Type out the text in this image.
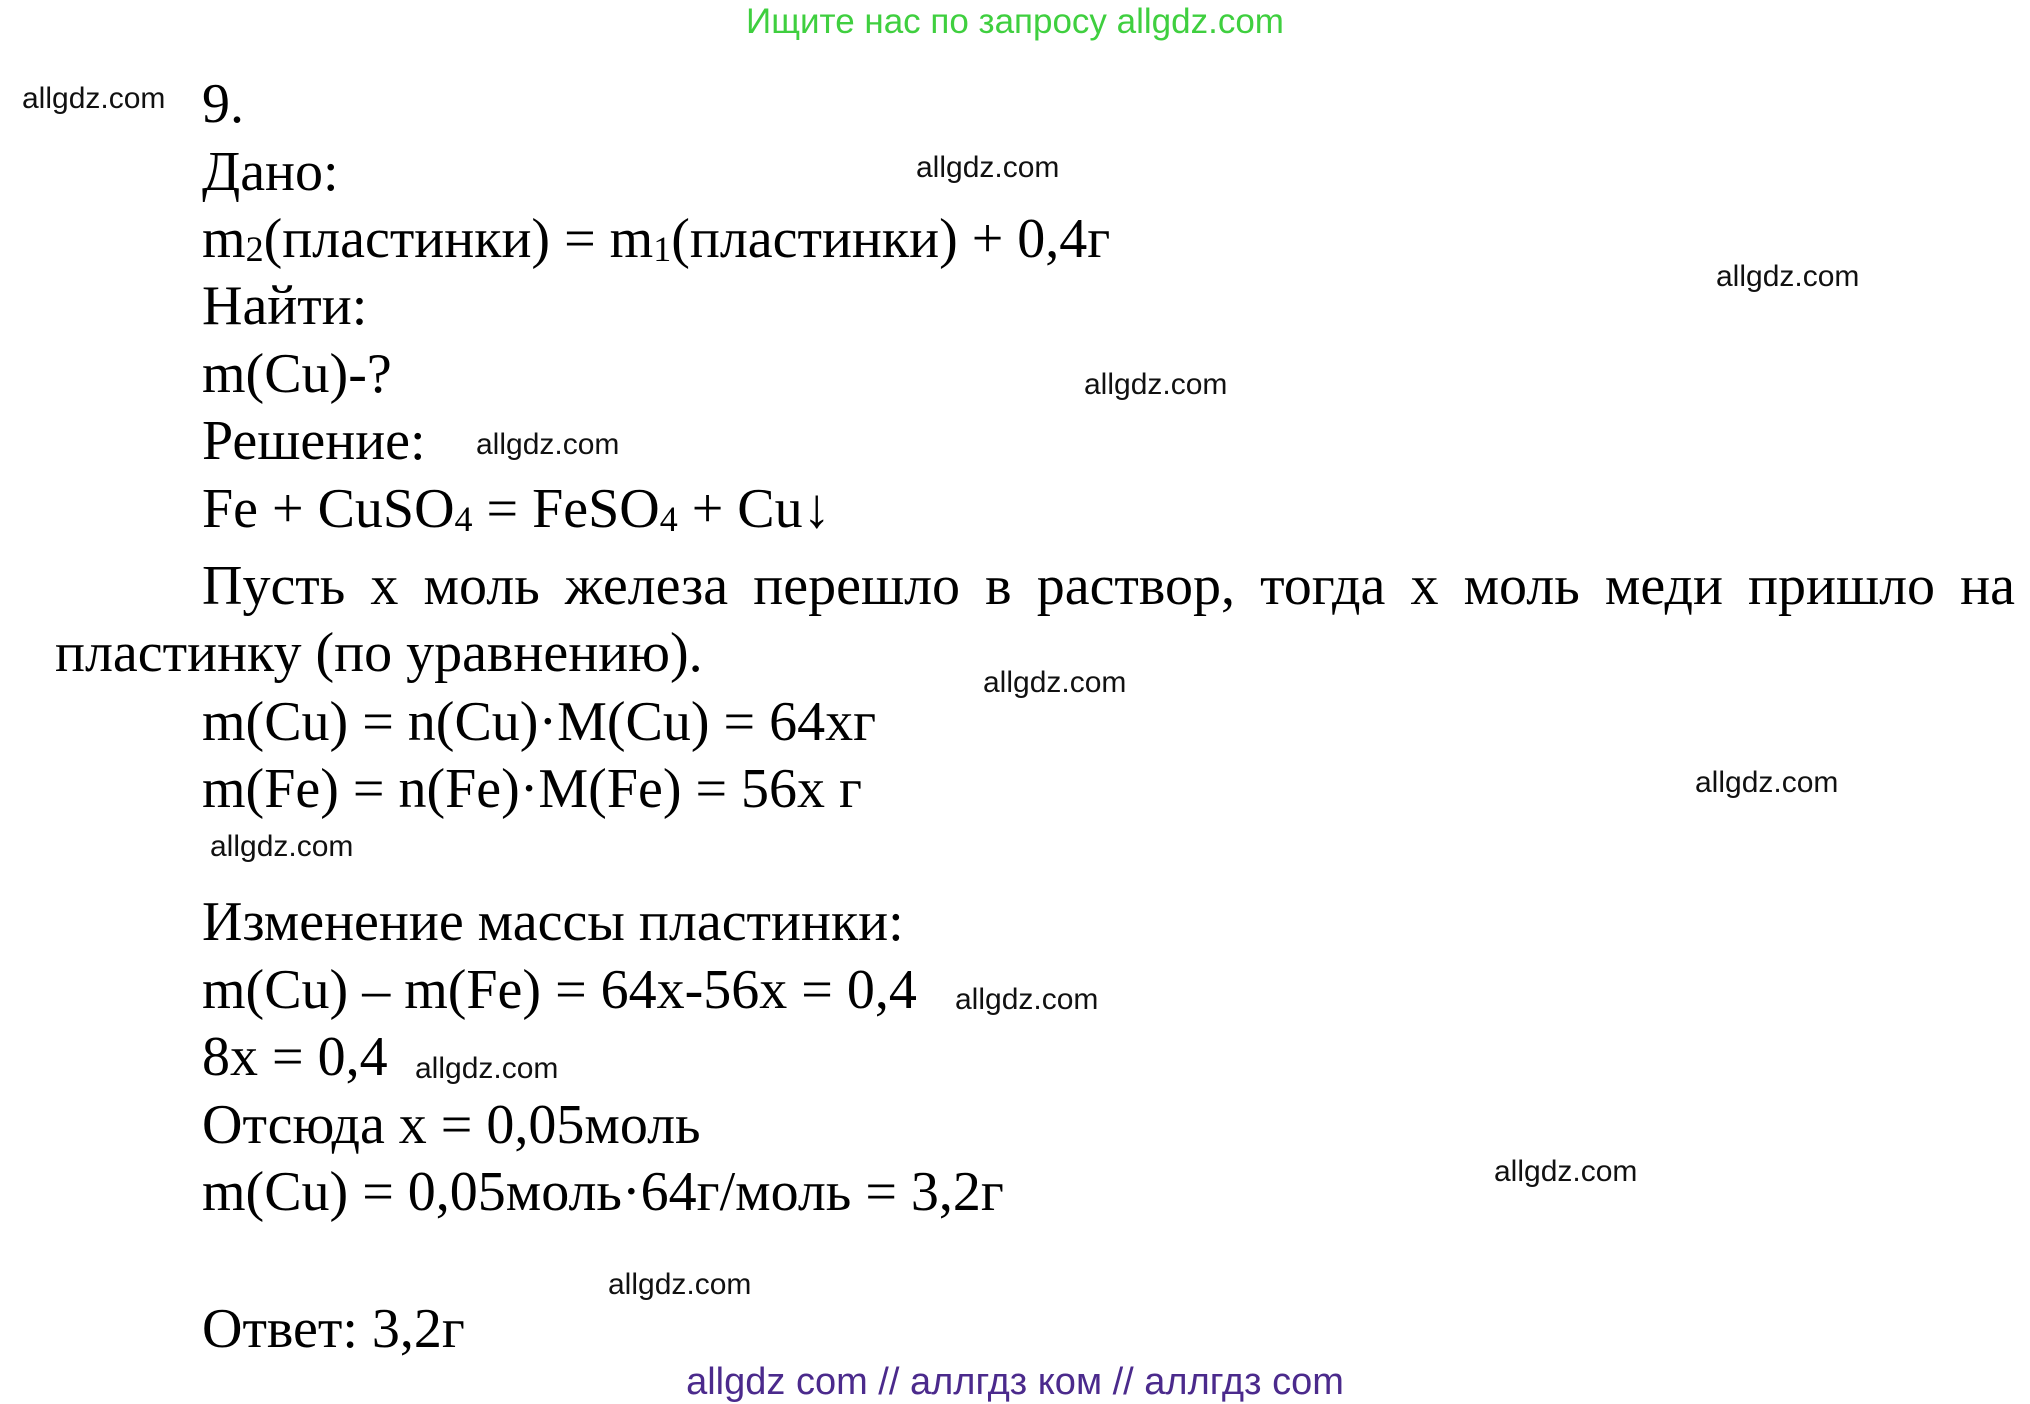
Ищите нас по запросу allgdz.com
allgdz.com
allgdz.com
allgdz.com
allgdz.com
allgdz.com
allgdz.com
allgdz.com
allgdz.com
allgdz.com
allgdz.com
allgdz.com
allgdz.com
9.
Дано:
m2(пластинки) = m1(пластинки) + 0,4г
Найти:
m(Cu)-?
Решение:
Fe + CuSO4 = FeSO4 + Cu↓
Пусть x моль железа перешло в раствор, тогда x моль меди пришло на пластинку (по уравнению).
m(Cu) = n(Cu)·M(Cu) = 64xг
m(Fe) = n(Fe)·M(Fe) = 56x г
Изменение массы пластинки:
m(Cu) – m(Fe) = 64x-56x = 0,4
8x = 0,4
Отсюда x = 0,05моль
m(Cu) = 0,05моль·64г/моль = 3,2г
Ответ: 3,2г
allgdz com // аллгдз ком // аллгдз com
